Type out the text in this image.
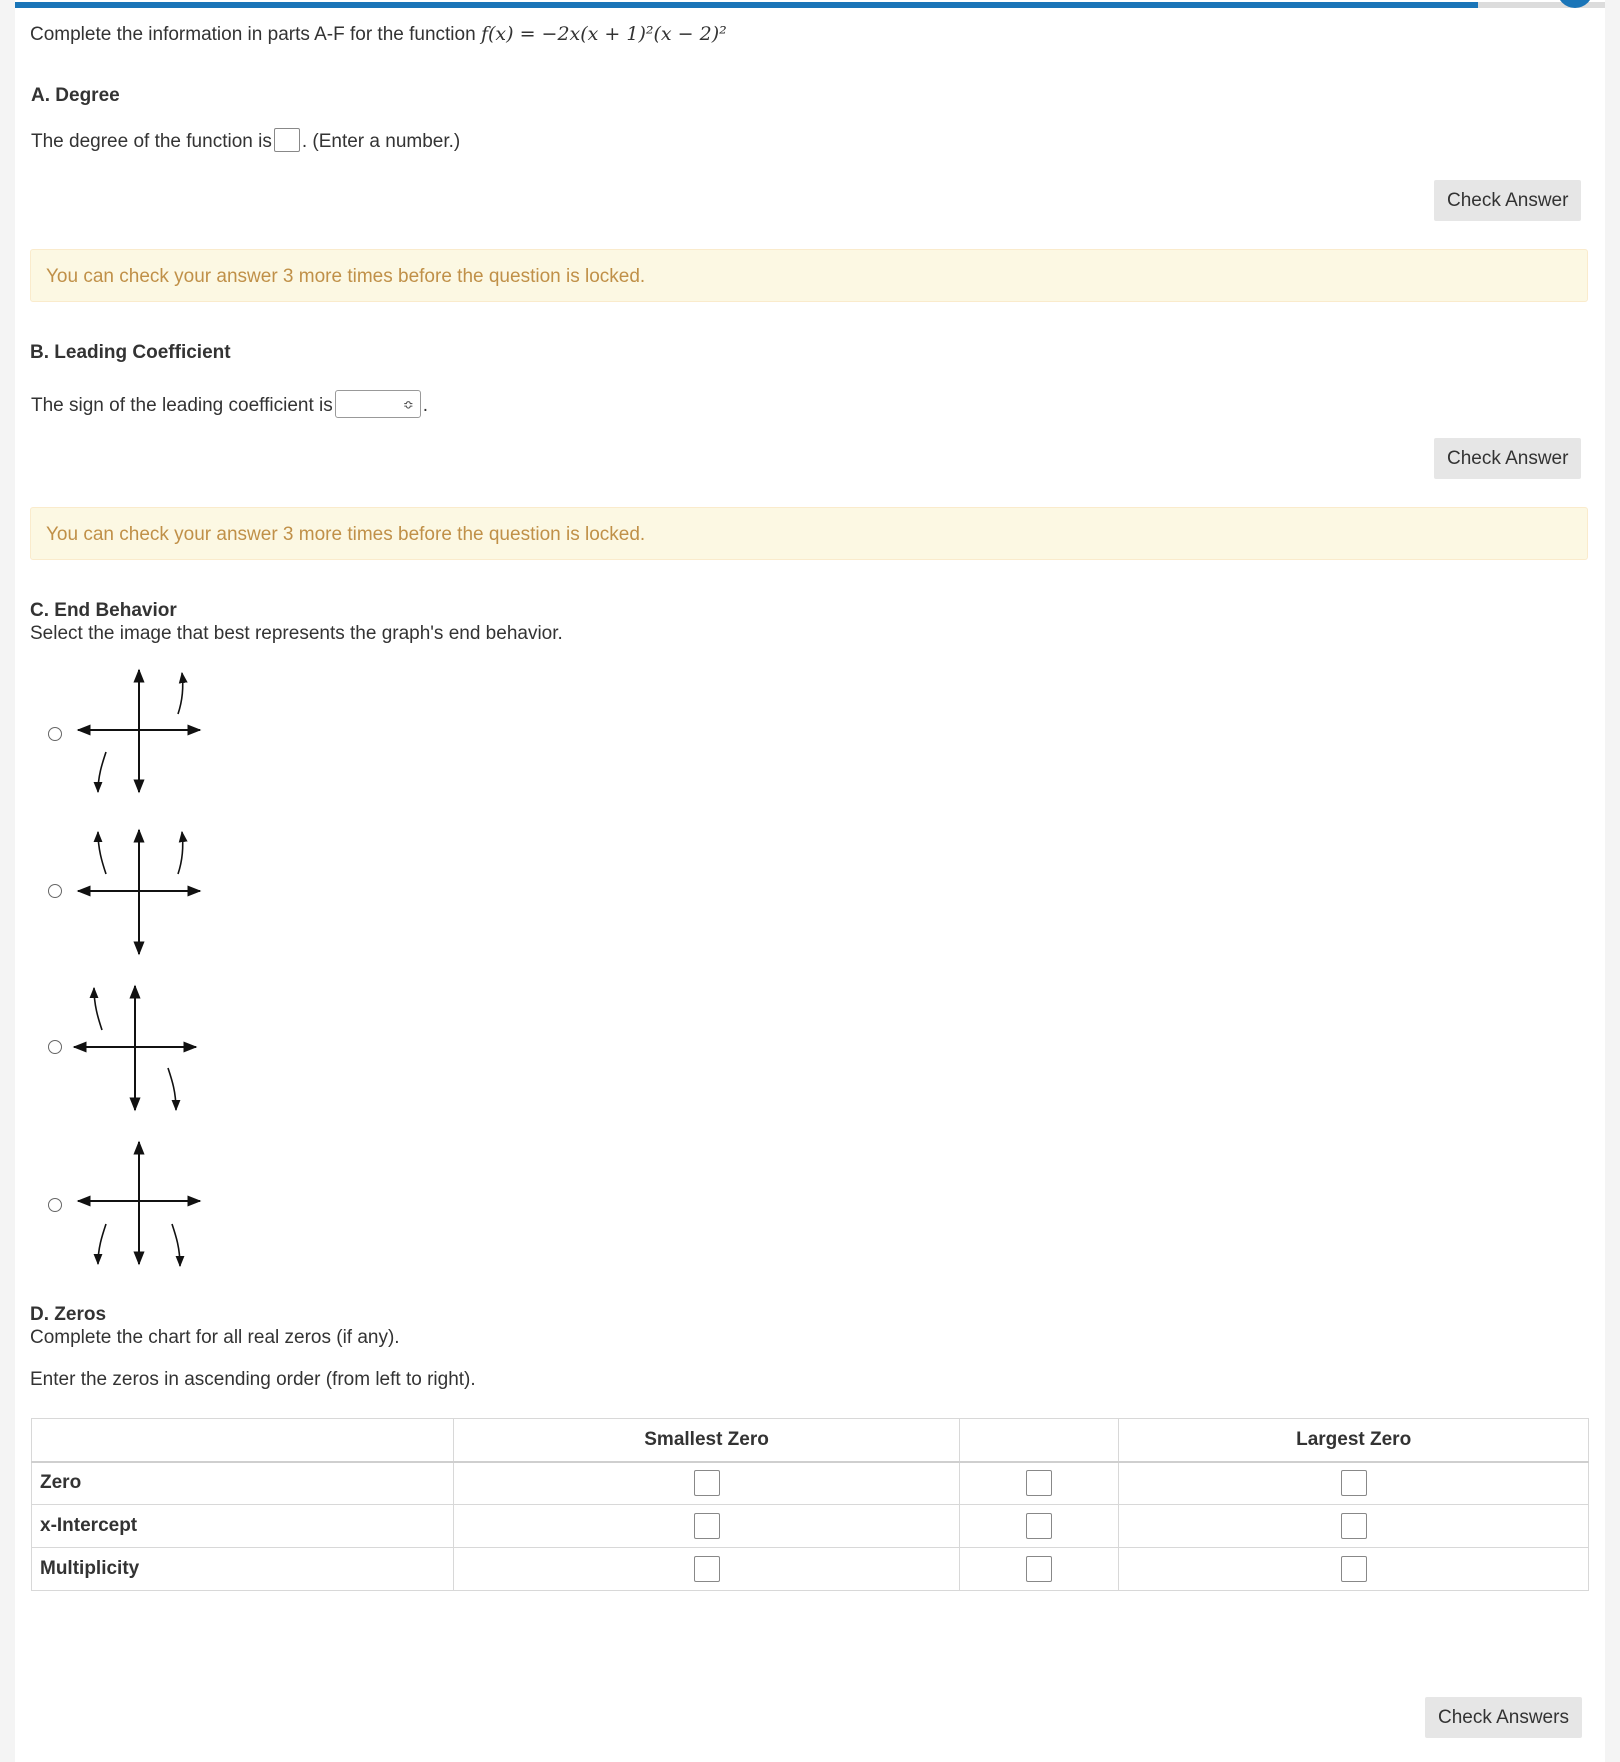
Complete the information in parts A-F for the function f(x) = −2x(x + 1)²(x − 2)²
A. Degree
The degree of the function is . (Enter a number.)
Check Answer
You can check your answer 3 more times before the question is locked.
B. Leading Coefficient
The sign of the leading coefficient is	≎ .
Check Answer
You can check your answer 3 more times before the question is locked.
C. End Behavior
Select the image that best represents the graph's end behavior.
D. Zeros
Complete the chart for all real zeros (if any).
Enter the zeros in ascending order (from left to right).
	Smallest Zero		Largest Zero
Zero			
x-Intercept			
Multiplicity			
Check Answers
